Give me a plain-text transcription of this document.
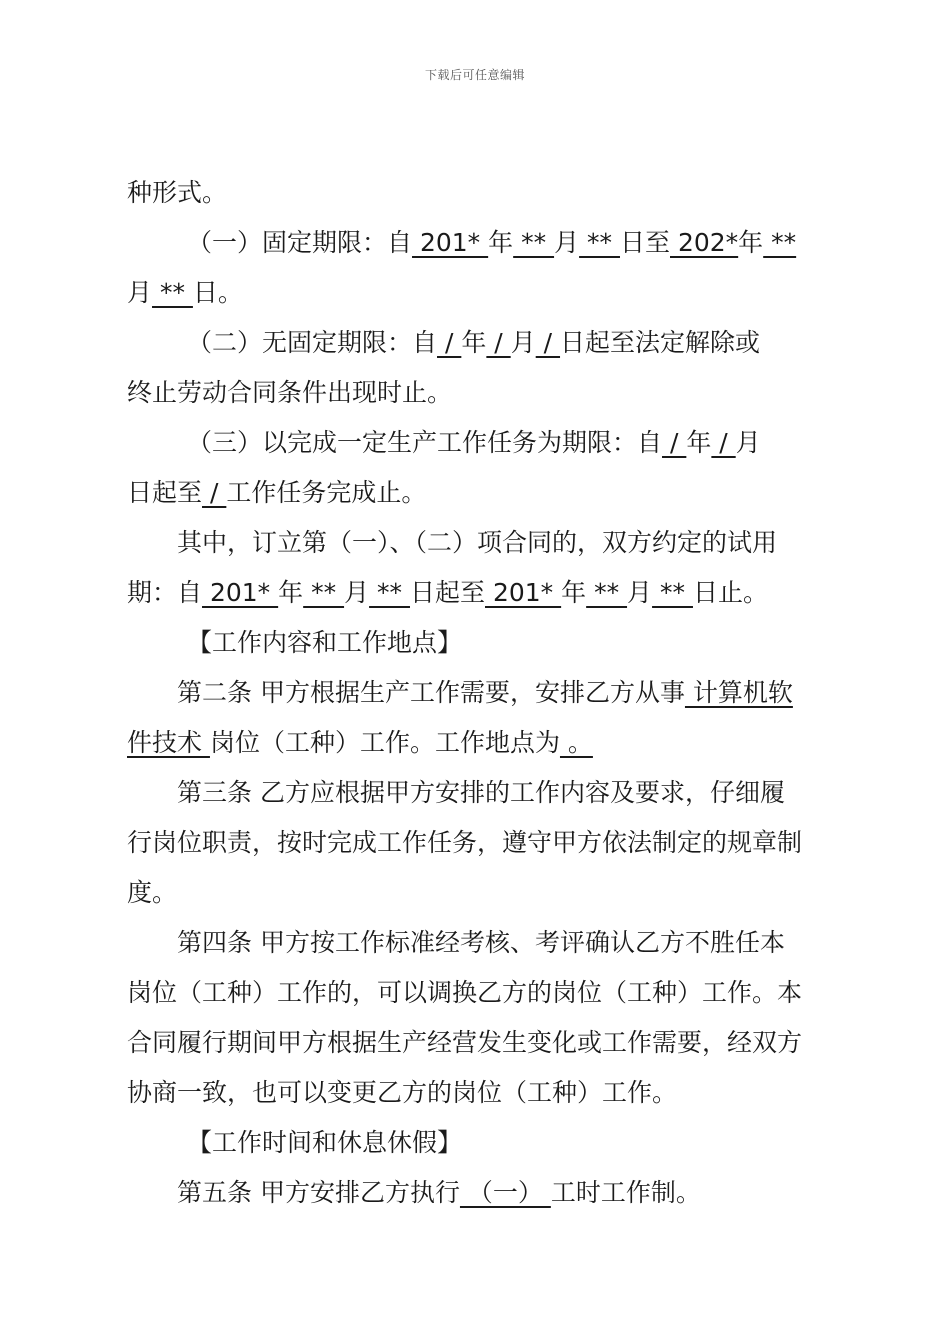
下载后可任意编辑
种形式。
（一）固定期限：自 201* 年 ** 月 ** 日至 202*年 **
月 ** 日。
（二）无固定期限：自 / 年 / 月 / 日起至法定解除或
终止劳动合同条件出现时止。
（三）以完成一定生产工作任务为期限：自 / 年 / 月
日起至 / 工作任务完成止。
其中，订立第（一）、（二）项合同的，双方约定的试用
期：自 201* 年 ** 月 ** 日起至 201* 年 ** 月 ** 日止。
【工作内容和工作地点】
第二条 甲方根据生产工作需要，安排乙方从事 计算机软
件技术 岗位（工种）工作。工作地点为 。
第三条 乙方应根据甲方安排的工作内容及要求，仔细履
行岗位职责，按时完成工作任务，遵守甲方依法制定的规章制
度。
第四条 甲方按工作标准经考核、考评确认乙方不胜任本
岗位（工种）工作的，可以调换乙方的岗位（工种）工作。本
合同履行期间甲方根据生产经营发生变化或工作需要，经双方
协商一致，也可以变更乙方的岗位（工种）工作。
【工作时间和休息休假】
第五条 甲方安排乙方执行 （一） 工时工作制。
